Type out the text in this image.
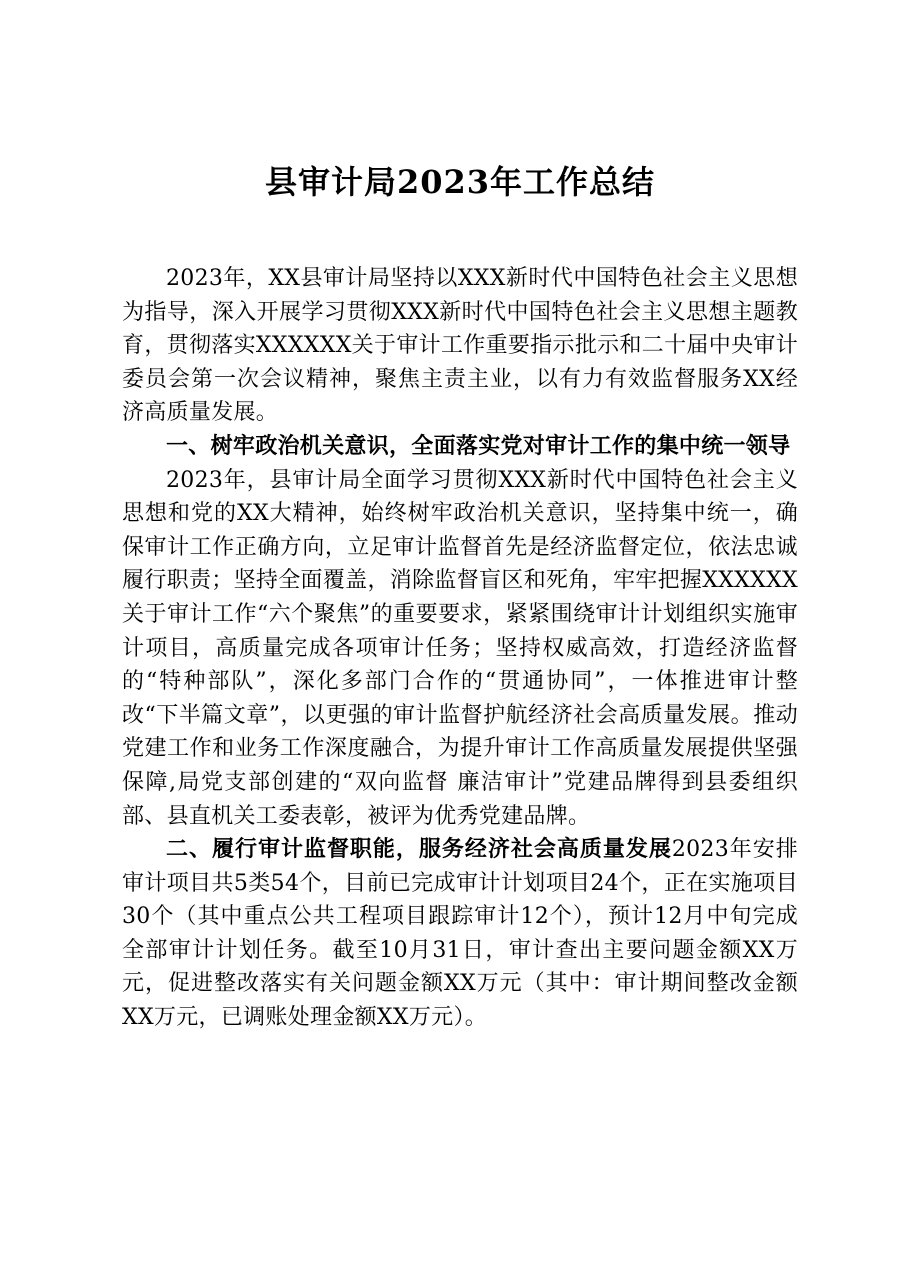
县审计局2023年工作总结

2023年，XX县审计局坚持以XXX新时代中国特色社会主义思想为指导，深入开展学习贯彻XXX新时代中国特色社会主义思想主题教育，贯彻落实XXXXXX关于审计工作重要指示批示和二十届中央审计委员会第一次会议精神，聚焦主责主业，以有力有效监督服务XX经济高质量发展。

一、树牢政治机关意识，全面落实党对审计工作的集中统一领导

2023年，县审计局全面学习贯彻XXX新时代中国特色社会主义思想和党的XX大精神，始终树牢政治机关意识，坚持集中统一，确保审计工作正确方向，立足审计监督首先是经济监督定位，依法忠诚履行职责；坚持全面覆盖，消除监督盲区和死角，牢牢把握XXXXXX关于审计工作“六个聚焦”的重要要求，紧紧围绕审计计划组织实施审计项目，高质量完成各项审计任务；坚持权威高效，打造经济监督的“特种部队”，深化多部门合作的“贯通协同”，一体推进审计整改“下半篇文章”，以更强的审计监督护航经济社会高质量发展。推动党建工作和业务工作深度融合，为提升审计工作高质量发展提供坚强保障,局党支部创建的“双向监督 廉洁审计”党建品牌得到县委组织部、县直机关工委表彰，被评为优秀党建品牌。

二、履行审计监督职能，服务经济社会高质量发展2023年安排审计项目共5类54个，目前已完成审计计划项目24个，正在实施项目30个（其中重点公共工程项目跟踪审计12个），预计12月中旬完成全部审计计划任务。截至10月31日，审计查出主要问题金额XX万元，促进整改落实有关问题金额XX万元（其中：审计期间整改金额XX万元，已调账处理金额XX万元）。
